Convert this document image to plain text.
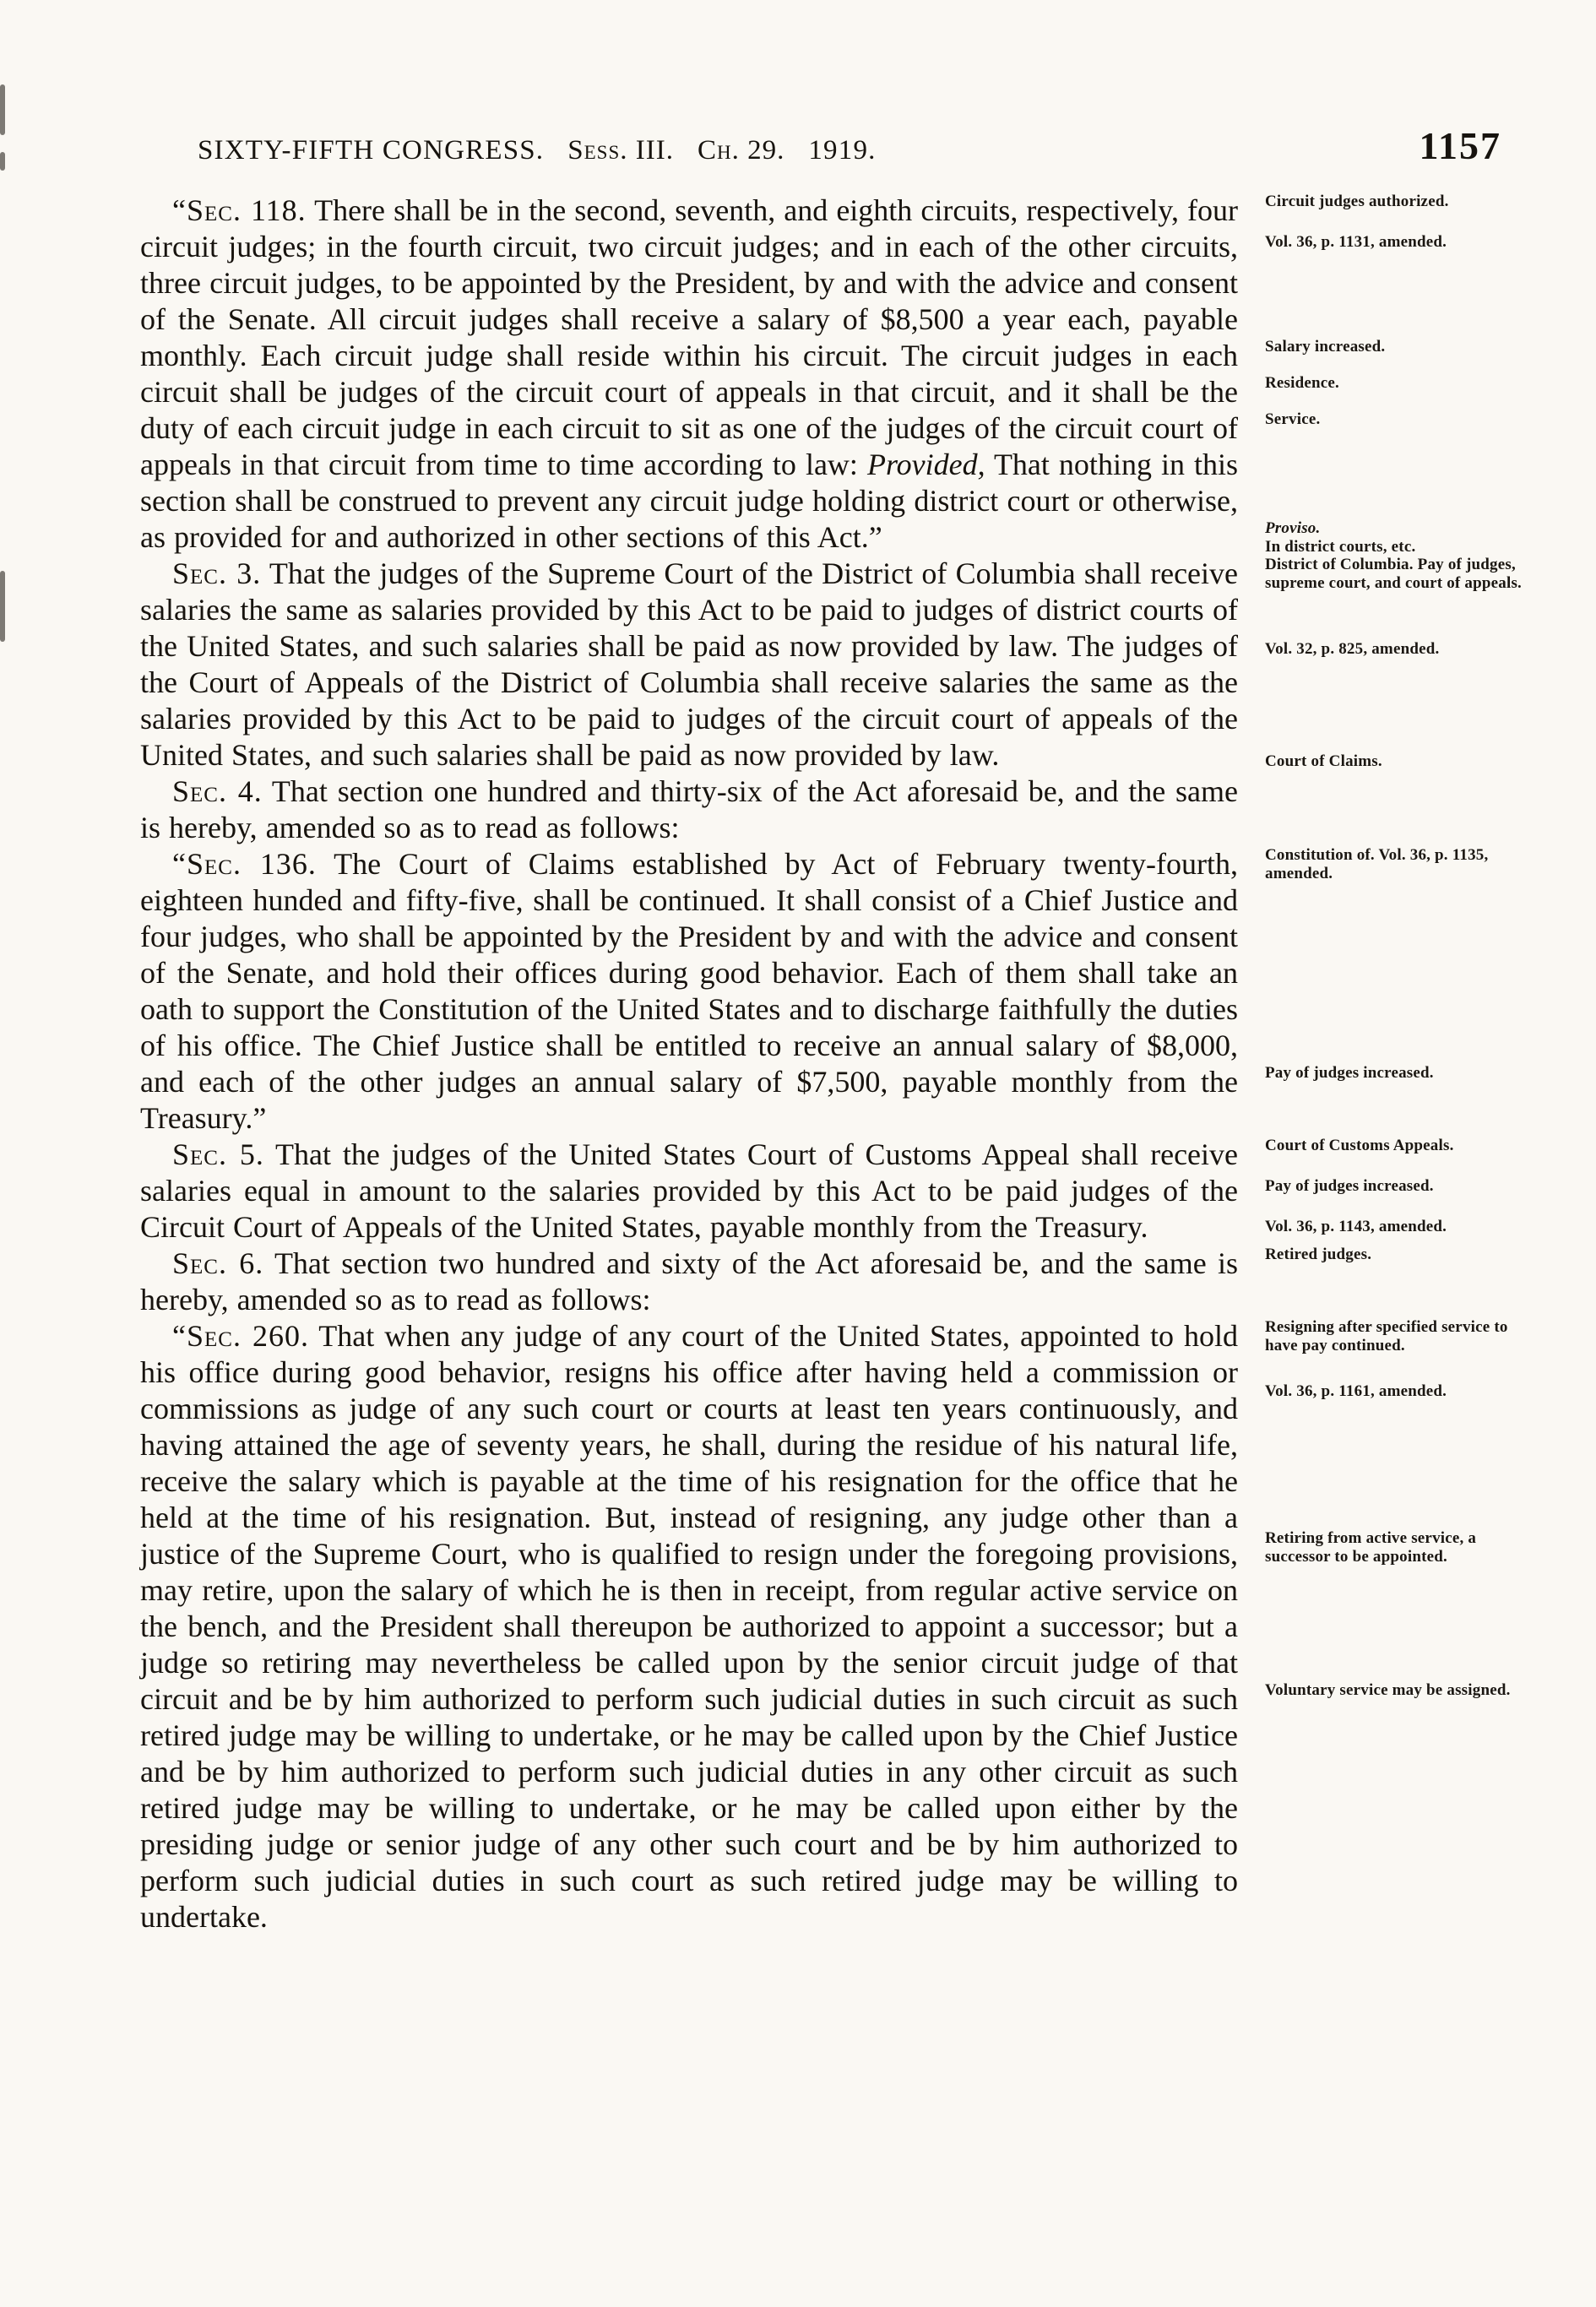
SIXTY-FIFTH CONGRESS. Sess. III. Ch. 29. 1919.	1157

“Sec. 118. There shall be in the second, seventh, and eighth circuits, respectively, four circuit judges; in the fourth circuit, two circuit judges; and in each of the other circuits, three circuit judges, to be appointed by the President, by and with the advice and consent of the Senate. All circuit judges shall receive a salary of $8,500 a year each, payable monthly. Each circuit judge shall reside within his circuit. The circuit judges in each circuit shall be judges of the circuit court of appeals in that circuit, and it shall be the duty of each circuit judge in each circuit to sit as one of the judges of the circuit court of appeals in that circuit from time to time according to law: Provided, That nothing in this section shall be construed to prevent any circuit judge holding district court or otherwise, as provided for and authorized in other sections of this Act.”
Circuit judges authorized.
Vol. 36, p. 1131, amended.
Salary increased.
Residence.
Service.
Proviso.
In district courts, etc.

Sec. 3. That the judges of the Supreme Court of the District of Columbia shall receive salaries the same as salaries provided by this Act to be paid to judges of district courts of the United States, and such salaries shall be paid as now provided by law. The judges of the Court of Appeals of the District of Columbia shall receive salaries the same as the salaries provided by this Act to be paid to judges of the circuit court of appeals of the United States, and such salaries shall be paid as now provided by law.
District of Columbia. Pay of judges, supreme court, and court of appeals.
Vol. 32, p. 825, amended.

Sec. 4. That section one hundred and thirty-six of the Act aforesaid be, and the same is hereby, amended so as to read as follows:
Court of Claims.

“Sec. 136. The Court of Claims established by Act of February twenty-fourth, eighteen hunded and fifty-five, shall be continued. It shall consist of a Chief Justice and four judges, who shall be appointed by the President by and with the advice and consent of the Senate, and hold their offices during good behavior. Each of them shall take an oath to support the Constitution of the United States and to discharge faithfully the duties of his office. The Chief Justice shall be entitled to receive an annual salary of $8,000, and each of the other judges an annual salary of $7,500, payable monthly from the Treasury.”
Constitution of. Vol. 36, p. 1135, amended.
Pay of judges increased.

Sec. 5. That the judges of the United States Court of Customs Appeal shall receive salaries equal in amount to the salaries provided by this Act to be paid judges of the Circuit Court of Appeals of the United States, payable monthly from the Treasury.
Court of Customs Appeals.
Pay of judges increased.
Vol. 36, p. 1143, amended.

Sec. 6. That section two hundred and sixty of the Act aforesaid be, and the same is hereby, amended so as to read as follows:
Retired judges.

“Sec. 260. That when any judge of any court of the United States, appointed to hold his office during good behavior, resigns his office after having held a commission or commissions as judge of any such court or courts at least ten years continuously, and having attained the age of seventy years, he shall, during the residue of his natural life, receive the salary which is payable at the time of his resignation for the office that he held at the time of his resignation. But, instead of resigning, any judge other than a justice of the Supreme Court, who is qualified to resign under the foregoing provisions, may retire, upon the salary of which he is then in receipt, from regular active service on the bench, and the President shall thereupon be authorized to appoint a successor; but a judge so retiring may nevertheless be called upon by the senior circuit judge of that circuit and be by him authorized to perform such judicial duties in such circuit as such retired judge may be willing to undertake, or he may be called upon by the Chief Justice and be by him authorized to perform such judicial duties in any other circuit as such retired judge may be willing to undertake, or he may be called upon either by the presiding judge or senior judge of any other such court and be by him authorized to perform such judicial duties in such court as such retired judge may be willing to undertake.
Resigning after specified service to have pay continued.
Vol. 36, p. 1161, amended.
Retiring from active service, a successor to be appointed.
Voluntary service may be assigned.
